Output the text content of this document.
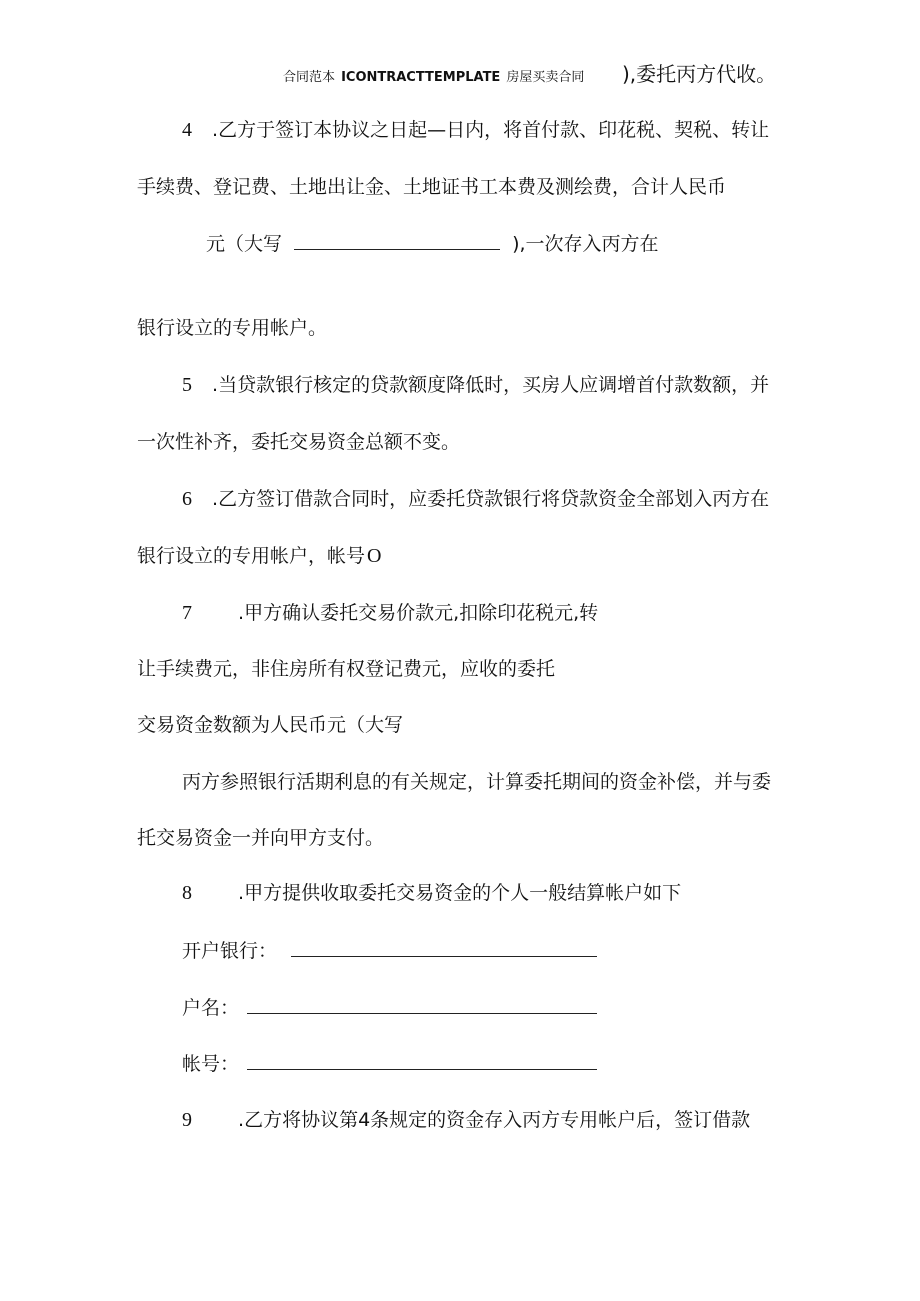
合同范本 ICONTRACTTEMPLATE 房屋买卖合同 ),委托丙方代收。
4 .乙方于签订本协议之日起—日内，将首付款、印花税、契税、转让
手续费、登记费、土地出让金、土地证书工本费及测绘费，合计人民币
元（大写	),一次存入丙方在
银行设立的专用帐户。
5 .当贷款银行核定的贷款额度降低时，买房人应调增首付款数额，并
一次性补齐，委托交易资金总额不变。
6 .乙方签订借款合同时，应委托贷款银行将贷款资金全部划入丙方在
银行设立的专用帐户，帐号 O
7 .甲方确认委托交易价款元,扣除印花税元,转
让手续费元，非住房所有权登记费元，应收的委托
交易资金数额为人民币元（大写
丙方参照银行活期利息的有关规定，计算委托期间的资金补偿，并与委
托交易资金一并向甲方支付。
8 .甲方提供收取委托交易资金的个人一般结算帐户如下
开户银行：
户名：
帐号：
9 .乙方将协议第4条规定的资金存入丙方专用帐户后，签订借款
